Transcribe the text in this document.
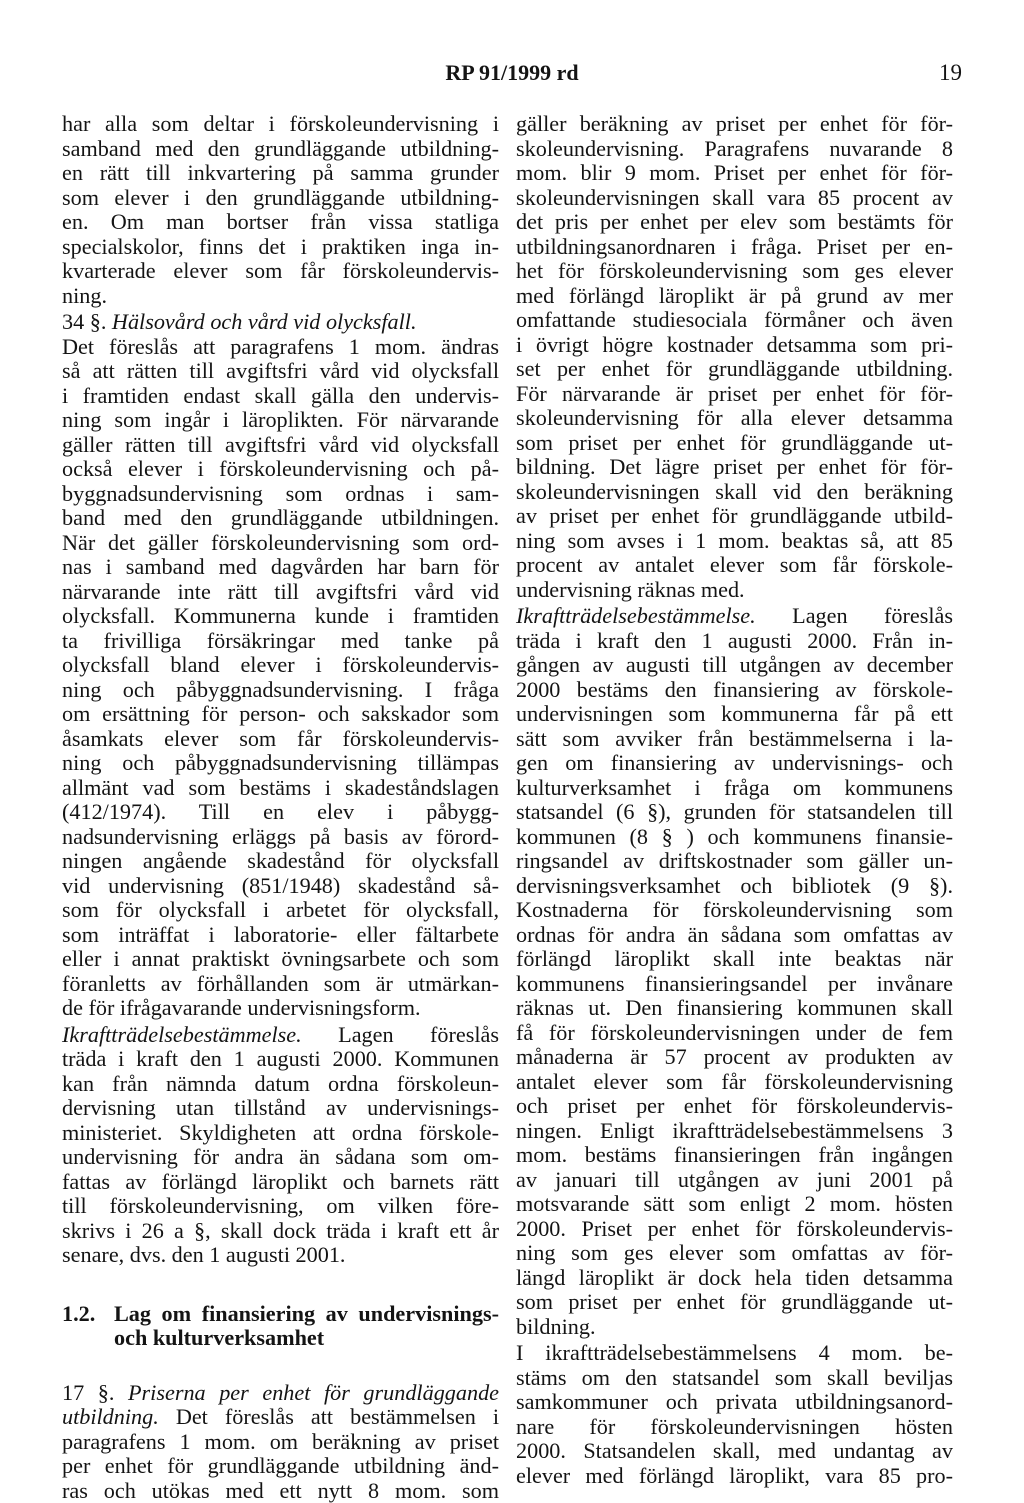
RP 91/1999 rd	19
har alla som deltar i förskoleundervisning i
samband med den grundläggande utbildning-
en rätt till inkvartering på samma grunder
som elever i den grundläggande utbildning-
en. Om man bortser från vissa statliga
specialskolor, finns det i praktiken inga in-
kvarterade elever som får förskoleundervis-
ning.
34 §. Hälsovård och vård vid olycksfall.
Det föreslås att paragrafens 1 mom. ändras
så att rätten till avgiftsfri vård vid olycksfall
i framtiden endast skall gälla den undervis-
ning som ingår i läroplikten. För närvarande
gäller rätten till avgiftsfri vård vid olycksfall
också elever i förskoleundervisning och på-
byggnadsundervisning som ordnas i sam-
band med den grundläggande utbildningen.
När det gäller förskoleundervisning som ord-
nas i samband med dagvården har barn för
närvarande inte rätt till avgiftsfri vård vid
olycksfall. Kommunerna kunde i framtiden
ta frivilliga försäkringar med tanke på
olycksfall bland elever i förskoleundervis-
ning och påbyggnadsundervisning. I fråga
om ersättning för person- och sakskador som
åsamkats elever som får förskoleundervis-
ning och påbyggnadsundervisning tillämpas
allmänt vad som bestäms i skadeståndslagen
(412/1974). Till en elev i påbygg-
nadsundervisning erläggs på basis av förord-
ningen angående skadestånd för olycksfall
vid undervisning (851/1948) skadestånd så-
som för olycksfall i arbetet för olycksfall,
som inträffat i laboratorie- eller fältarbete
eller i annat praktiskt övningsarbete och som
föranletts av förhållanden som är utmärkan-
de för ifrågavarande undervisningsform.
Ikraftträdelsebestämmelse. Lagen föreslås
träda i kraft den 1 augusti 2000. Kommunen
kan från nämnda datum ordna förskoleun-
dervisning utan tillstånd av undervisnings-
ministeriet. Skyldigheten att ordna förskole-
undervisning för andra än sådana som om-
fattas av förlängd läroplikt och barnets rätt
till förskoleundervisning, om vilken före-
skrivs i 26 a §, skall dock träda i kraft ett år
senare, dvs. den 1 augusti 2001.
1.2. Lag om finansiering av undervisnings-
och kulturverksamhet
17 §. Priserna per enhet för grundläggande
utbildning. Det föreslås att bestämmelsen i
paragrafens 1 mom. om beräkning av priset
per enhet för grundläggande utbildning änd-
ras och utökas med ett nytt 8 mom. som
gäller beräkning av priset per enhet för för-
skoleundervisning. Paragrafens nuvarande 8
mom. blir 9 mom. Priset per enhet för för-
skoleundervisningen skall vara 85 procent av
det pris per enhet per elev som bestämts för
utbildningsanordnaren i fråga. Priset per en-
het för förskoleundervisning som ges elever
med förlängd läroplikt är på grund av mer
omfattande studiesociala förmåner och även
i övrigt högre kostnader detsamma som pri-
set per enhet för grundläggande utbildning.
För närvarande är priset per enhet för för-
skoleundervisning för alla elever detsamma
som priset per enhet för grundläggande ut-
bildning. Det lägre priset per enhet för för-
skoleundervisningen skall vid den beräkning
av priset per enhet för grundläggande utbild-
ning som avses i 1 mom. beaktas så, att 85
procent av antalet elever som får förskole-
undervisning räknas med.
Ikraftträdelsebestämmelse. Lagen föreslås
träda i kraft den 1 augusti 2000. Från in-
gången av augusti till utgången av december
2000 bestäms den finansiering av förskole-
undervisningen som kommunerna får på ett
sätt som avviker från bestämmelserna i la-
gen om finansiering av undervisnings- och
kulturverksamhet i fråga om kommunens
statsandel (6 §), grunden för statsandelen till
kommunen (8 § ) och kommunens finansie-
ringsandel av driftskostnader som gäller un-
dervisningsverksamhet och bibliotek (9 §).
Kostnaderna för förskoleundervisning som
ordnas för andra än sådana som omfattas av
förlängd läroplikt skall inte beaktas när
kommunens finansieringsandel per invånare
räknas ut. Den finansiering kommunen skall
få för förskoleundervisningen under de fem
månaderna är 57 procent av produkten av
antalet elever som får förskoleundervisning
och priset per enhet för förskoleundervis-
ningen. Enligt ikraftträdelsebestämmelsens 3
mom. bestäms finansieringen från ingången
av januari till utgången av juni 2001 på
motsvarande sätt som enligt 2 mom. hösten
2000. Priset per enhet för förskoleundervis-
ning som ges elever som omfattas av för-
längd läroplikt är dock hela tiden detsamma
som priset per enhet för grundläggande ut-
bildning.
I ikraftträdelsebestämmelsens 4 mom. be-
stäms om den statsandel som skall beviljas
samkommuner och privata utbildningsanord-
nare för förskoleundervisningen hösten
2000. Statsandelen skall, med undantag av
elever med förlängd läroplikt, vara 85 pro-
